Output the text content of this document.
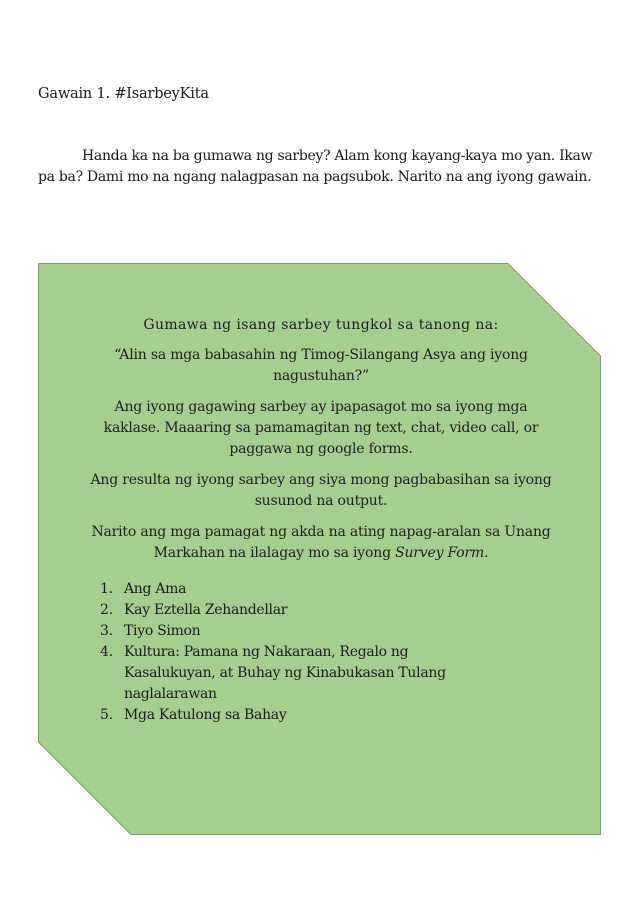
Gawain 1. #IsarbeyKita

Handa ka na ba gumawa ng sarbey? Alam kong kayang-kaya mo yan. Ikaw pa ba? Dami mo na ngang nalagpasan na pagsubok. Narito na ang iyong gawain.

Gumawa ng isang sarbey tungkol sa tanong na:

“Alin sa mga babasahin ng Timog-Silangang Asya ang iyong nagustuhan?”

Ang iyong gagawing sarbey ay ipapasagot mo sa iyong mga kaklase. Maaaring sa pamamagitan ng text, chat, video call, or paggawa ng google forms.

Ang resulta ng iyong sarbey ang siya mong pagbabasihan sa iyong susunod na output.

Narito ang mga pamagat ng akda na ating napag-aralan sa Unang Markahan na ilalagay mo sa iyong Survey Form.

1. Ang Ama
2. Kay Eztella Zehandellar
3. Tiyo Simon
4. Kultura: Pamana ng Nakaraan, Regalo ng Kasalukuyan, at Buhay ng Kinabukasan Tulang naglalarawan
5. Mga Katulong sa Bahay
